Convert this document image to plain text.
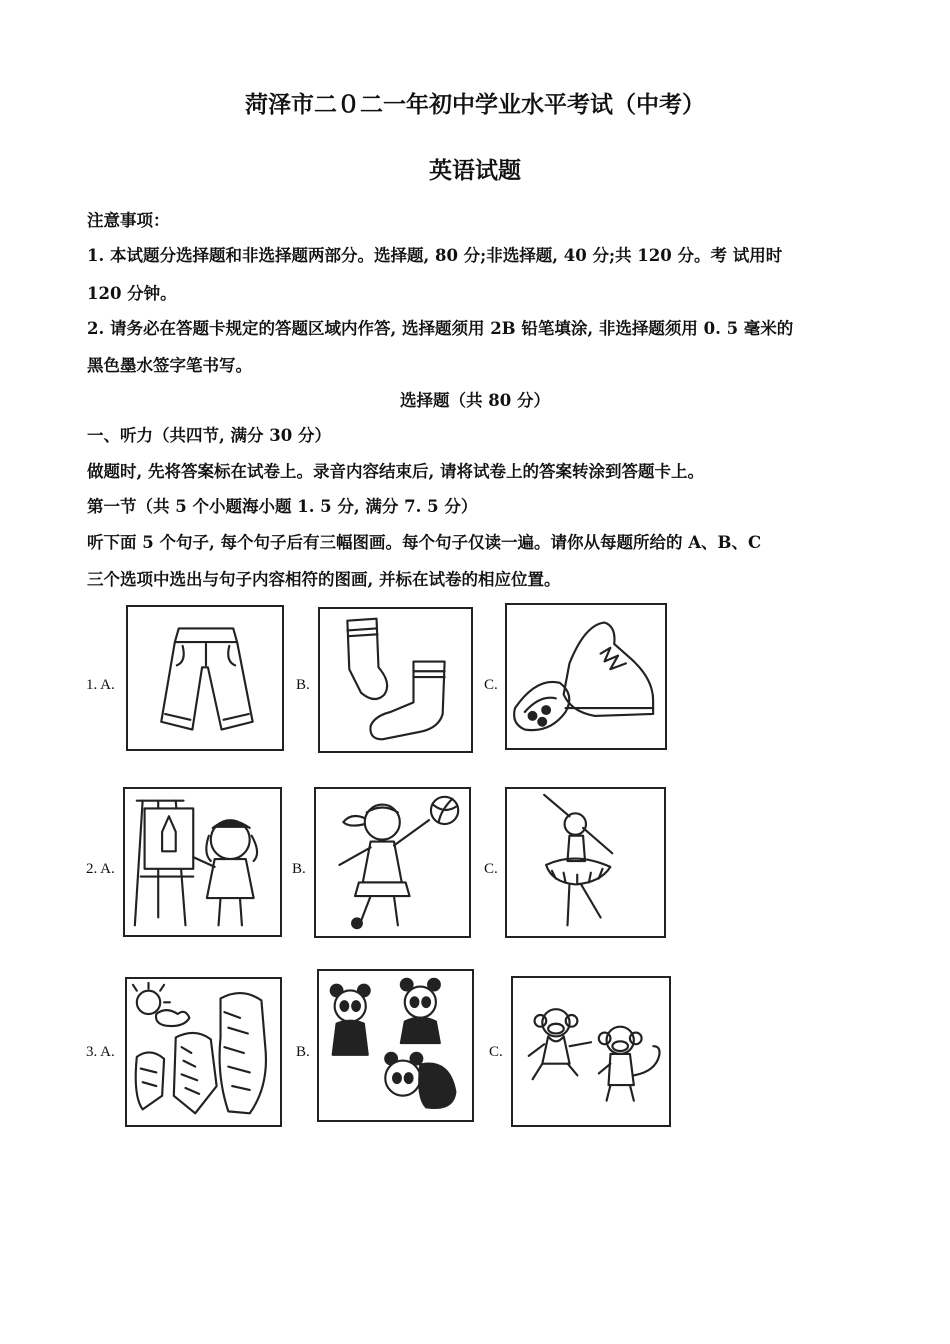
菏泽市二０二一年初中学业水平考试（中考）
英语试题
注意事项：
1. 本试题分选择题和非选择题两部分。选择题, 80 分;非选择题, 40 分;共 120 分。考 试用时
120 分钟。
2. 请务必在答题卡规定的答题区域内作答, 选择题须用 2B 铅笔填涂, 非选择题须用 0. 5 毫米的
黑色墨水签字笔书写。
选择题（共 80 分）
一、听力（共四节, 满分 30 分）
做题时, 先将答案标在试卷上。录音内容结束后, 请将试卷上的答案转涂到答题卡上。
第一节（共 5 个小题海小题 1. 5 分, 满分 7. 5 分）
听下面 5 个句子, 每个句子后有三幅图画。每个句子仅读一遍。请你从每题所给的 A、B、C
三个选项中选出与句子内容相符的图画, 并标在试卷的相应位置。
1. A.	B.	C.
2. A.	B.	C.
3. A.	B.	C.
